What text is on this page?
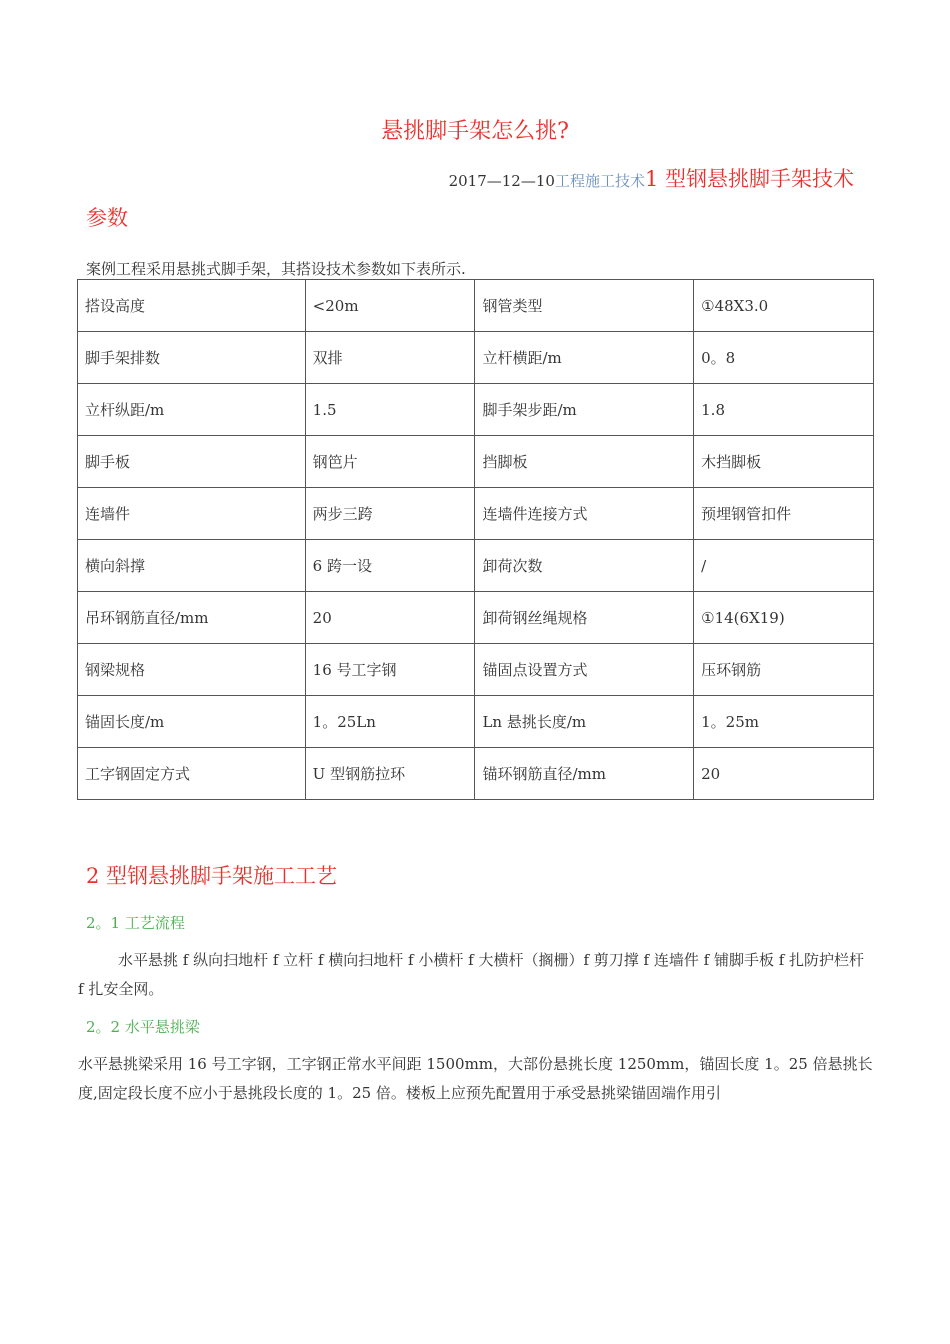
悬挑脚手架怎么挑?
2017—12—10工程施工技术1 型钢悬挑脚手架技术
参数
案例工程采用悬挑式脚手架，其搭设技术参数如下表所示.
搭设高度	<20m	钢管类型	①48X3.0
脚手架排数	双排	立杆横距/m	0。8
立杆纵距/m	1.5	脚手架步距/m	1.8
脚手板	钢笆片	挡脚板	木挡脚板
连墙件	两步三跨	连墙件连接方式	预埋钢管扣件
横向斜撑	6 跨一设	卸荷次数	/
吊环钢筋直径/mm	20	卸荷钢丝绳规格	①14(6X19)
钢梁规格	16 号工字钢	锚固点设置方式	压环钢筋
锚固长度/m	1。25Ln	Ln 悬挑长度/m	1。25m
工字钢固定方式	U 型钢筋拉环	锚环钢筋直径/mm	20
2 型钢悬挑脚手架施工工艺
2。1 工艺流程
水平悬挑 f 纵向扫地杆 f 立杆 f 横向扫地杆 f 小横杆 f 大横杆（搁栅）f 剪刀撑 f 连墙件 f 铺脚手板 f 扎防护栏杆 f 扎安全网。
2。2 水平悬挑梁
水平悬挑梁采用 16 号工字钢，工字钢正常水平间距 1500mm，大部份悬挑长度 1250mm，锚固长度 1。25 倍悬挑长度,固定段长度不应小于悬挑段长度的 1。25 倍。楼板上应预先配置用于承受悬挑梁锚固端作用引
